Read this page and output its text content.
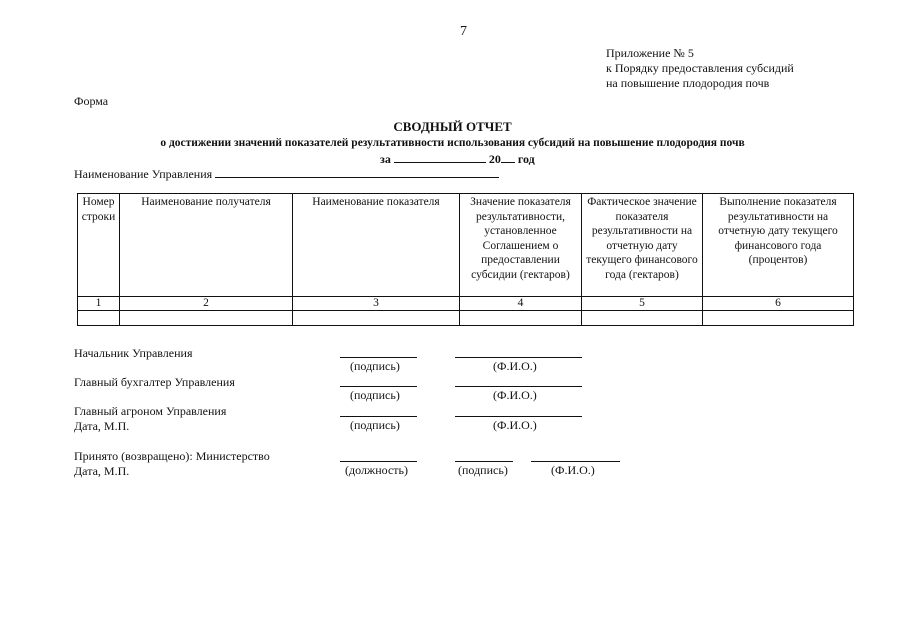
7
Приложение № 5
к Порядку предоставления субсидий
на повышение плодородия почв
Форма
СВОДНЫЙ ОТЧЕТ
о достижении значений показателей результативности использования субсидий на повышение плодородия почв
за	20 год
Наименование Управления
Номер строки	Наименование получателя	Наименование показателя	Значение показателя результативности, установленное Соглашением о предоставлении субсидии (гектаров)	Фактическое значение показателя результативности на отчетную дату текущего финансового года (гектаров)	Выполнение показателя результативности на отчетную дату текущего финансового года (процентов)
1	2	3	4	5	6

Начальник Управления
(подпись)	(Ф.И.О.)
Главный бухгалтер Управления
(подпись)	(Ф.И.О.)
Главный агроном Управления
Дата, М.П.	(подпись)	(Ф.И.О.)
Принято (возвращено): Министерство
Дата, М.П.	(должность)	(подпись)	(Ф.И.О.)
